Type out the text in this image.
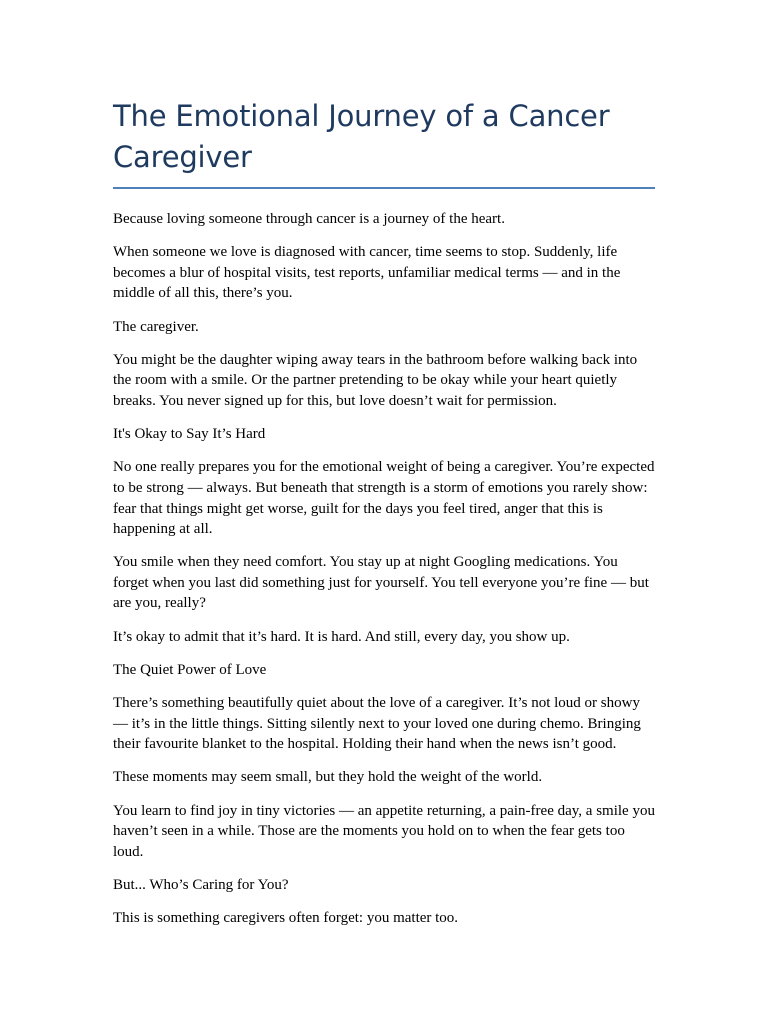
The Emotional Journey of a Cancer Caregiver

Because loving someone through cancer is a journey of the heart.

When someone we love is diagnosed with cancer, time seems to stop. Suddenly, life becomes a blur of hospital visits, test reports, unfamiliar medical terms — and in the middle of all this, there’s you.

The caregiver.

You might be the daughter wiping away tears in the bathroom before walking back into the room with a smile. Or the partner pretending to be okay while your heart quietly breaks. You never signed up for this, but love doesn’t wait for permission.

It's Okay to Say It’s Hard

No one really prepares you for the emotional weight of being a caregiver. You’re expected to be strong — always. But beneath that strength is a storm of emotions you rarely show: fear that things might get worse, guilt for the days you feel tired, anger that this is happening at all.

You smile when they need comfort. You stay up at night Googling medications. You forget when you last did something just for yourself. You tell everyone you’re fine — but are you, really?

It’s okay to admit that it’s hard. It is hard. And still, every day, you show up.

The Quiet Power of Love

There’s something beautifully quiet about the love of a caregiver. It’s not loud or showy — it’s in the little things. Sitting silently next to your loved one during chemo. Bringing their favourite blanket to the hospital. Holding their hand when the news isn’t good.

These moments may seem small, but they hold the weight of the world.

You learn to find joy in tiny victories — an appetite returning, a pain-free day, a smile you haven’t seen in a while. Those are the moments you hold on to when the fear gets too loud.

But... Who’s Caring for You?

This is something caregivers often forget: you matter too.
